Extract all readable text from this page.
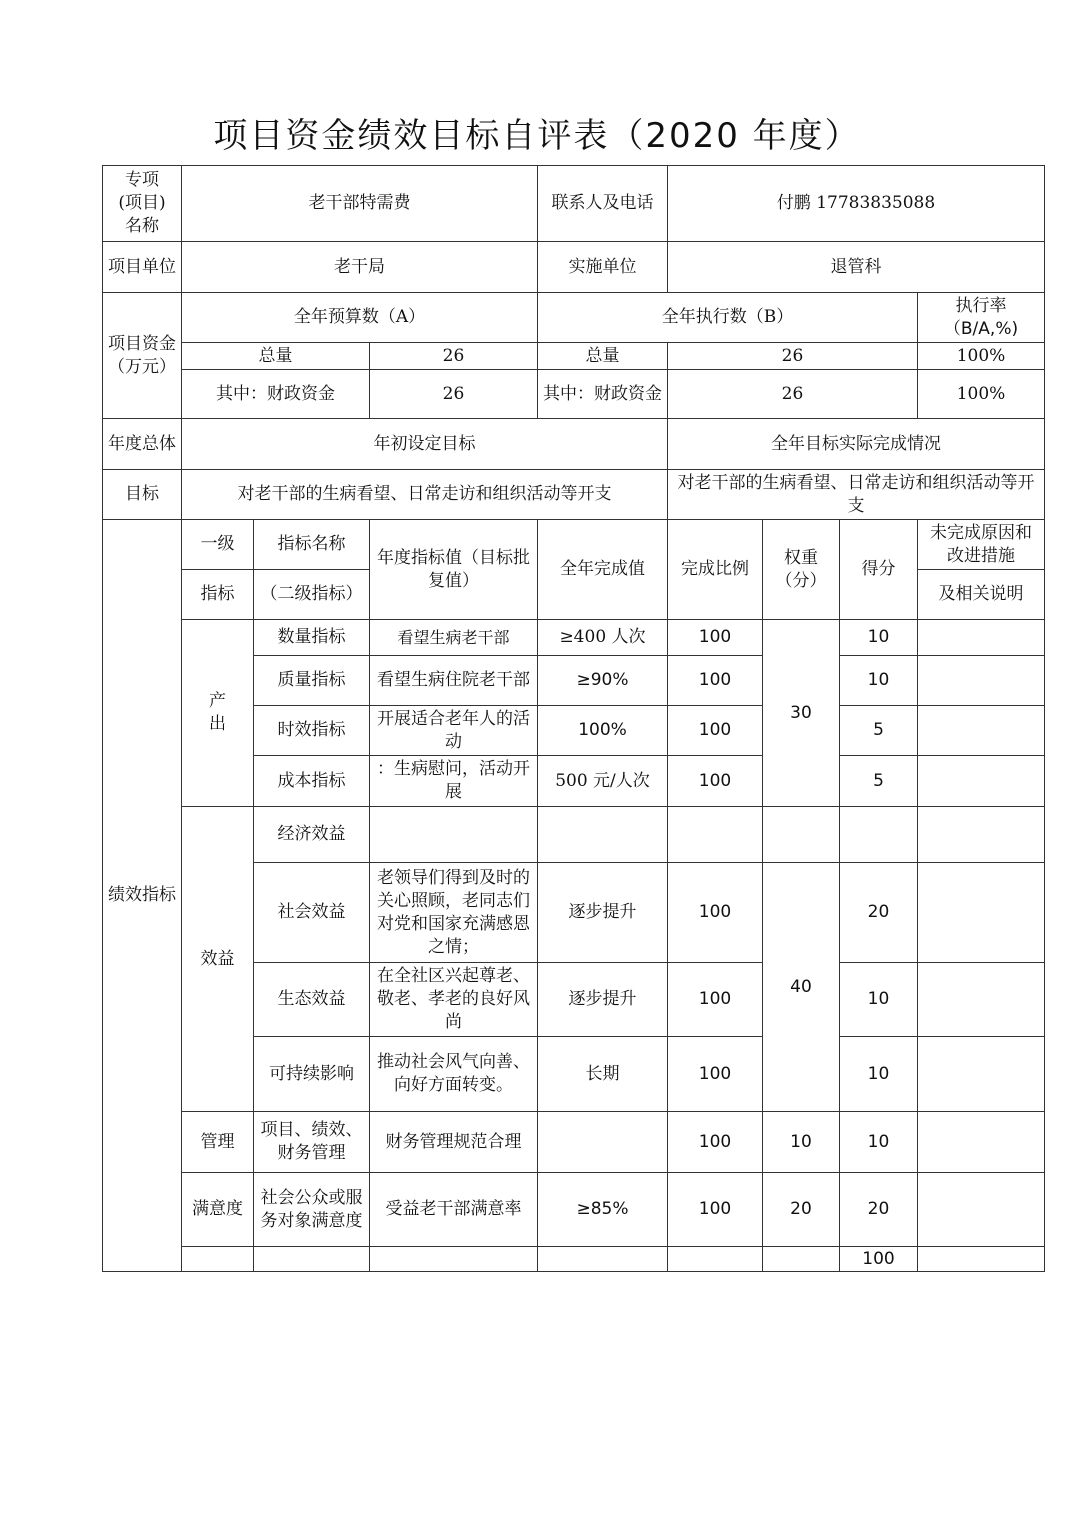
项目资金绩效目标自评表（2020 年度）
专项
(项目)
名称	老干部特需费			联系人及电话	付鹏 17783835088				
项目单位	老干局			实施单位	退管科				
项目资金（万元）	全年预算数（A）			全年执行数（B）				执行率（B/A,%)	
	总量		26	总量	26			100%	
	其中：财政资金		26	其中：财政资金	26			100%	
年度总体	年初设定目标				全年目标实际完成情况				
目标	对老干部的生病看望、日常走访和组织活动等开支				对老干部的生病看望、日常走访和组织活动等开支				
绩效指标	一级	指标名称	年度指标值（目标批复值）	全年完成值	完成比例	权重（分）	得分	未完成原因和改进措施	
	指标	（二级指标）						及相关说明	
	产出	数量指标	看望生病老干部	≥400 人次	100	30	10		
		质量指标	看望生病住院老干部	≥90%	100		10		
		时效指标	开展适合老年人的活动	100%	100		5		
		成本指标	：生病慰问，活动开展	500 元/人次	100		5		
	效益	经济效益							
		社会效益	老领导们得到及时的关心照顾，老同志们对党和国家充满感恩之情；	逐步提升	100	40	20		
		生态效益	在全社区兴起尊老、敬老、孝老的良好风尚	逐步提升	100		10		
		可持续影响	推动社会风气向善、向好方面转变。	长期	100		10		
	管理	项目、绩效、财务管理	财务管理规范合理		100	10	10		
	满意度	社会公众或服务对象满意度	受益老干部满意率	≥85%	100	20	20		
							100		
